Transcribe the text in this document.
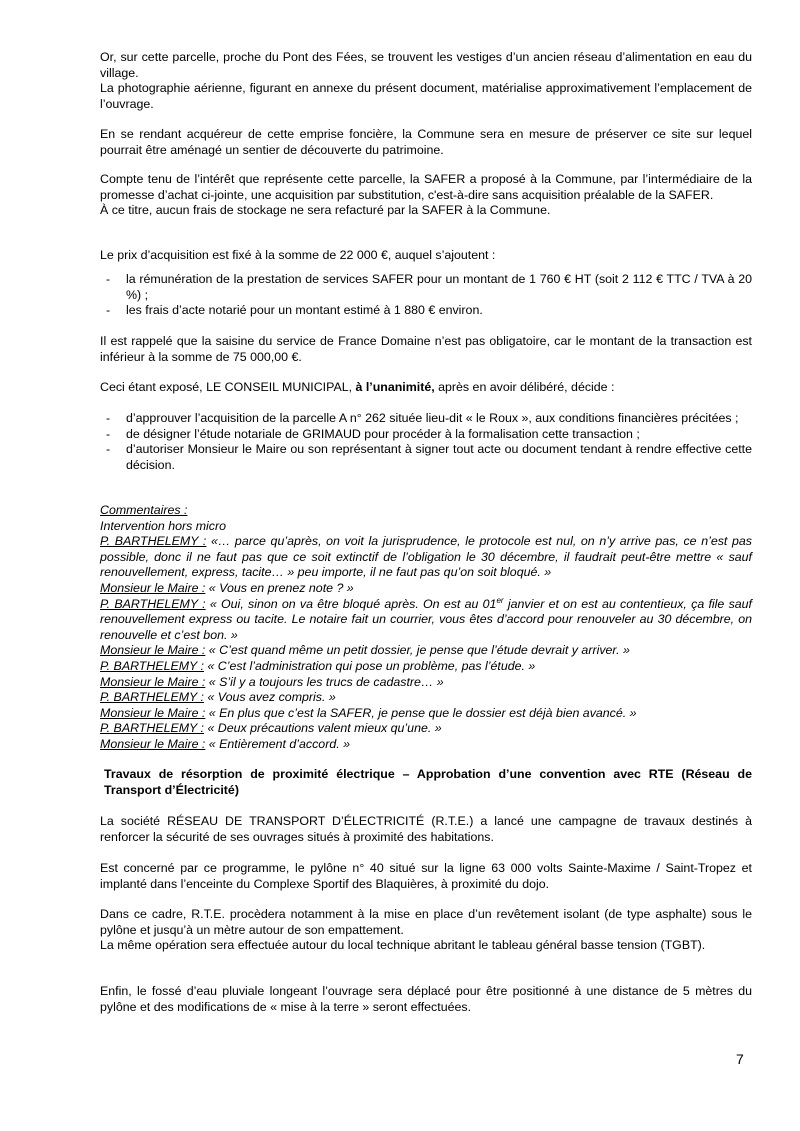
Or, sur cette parcelle, proche du Pont des Fées, se trouvent les vestiges d’un ancien réseau d’alimentation en eau du village.

La photographie aérienne, figurant en annexe du présent document, matérialise approximativement l’emplacement de l’ouvrage.

En se rendant acquéreur de cette emprise foncière, la Commune sera en mesure de préserver ce site sur lequel pourrait être aménagé un sentier de découverte du patrimoine.

Compte tenu de l’intérêt que représente cette parcelle, la SAFER a proposé à la Commune, par l’intermédiaire de la promesse d’achat ci-jointe, une acquisition par substitution, c'est-à-dire sans acquisition préalable de la SAFER.

À ce titre, aucun frais de stockage ne sera refacturé par la SAFER à la Commune.

Le prix d’acquisition est fixé à la somme de 22 000 €, auquel s’ajoutent :

- la rémunération de la prestation de services SAFER pour un montant de 1 760 € HT (soit 2 112 € TTC / TVA à 20 %) ;
- les frais d’acte notarié pour un montant estimé à 1 880 € environ.

Il est rappelé que la saisine du service de France Domaine n’est pas obligatoire, car le montant de la transaction est inférieur à la somme de 75 000,00 €.

Ceci étant exposé, LE CONSEIL MUNICIPAL, à l’unanimité, après en avoir délibéré, décide :

- d’approuver l’acquisition de la parcelle A n° 262 située lieu-dit « le Roux », aux conditions financières précitées ;
- de désigner l’étude notariale de GRIMAUD pour procéder à la formalisation cette transaction ;
- d’autoriser Monsieur le Maire ou son représentant à signer tout acte ou document tendant à rendre effective cette décision.

Commentaires :

Intervention hors micro

P. BARTHELEMY : «… parce qu’après, on voit la jurisprudence, le protocole est nul, on n’y arrive pas, ce n’est pas possible, donc il ne faut pas que ce soit extinctif de l’obligation le 30 décembre, il faudrait peut-être mettre « sauf renouvellement, express, tacite… » peu importe, il ne faut pas qu’on soit bloqué. »

Monsieur le Maire : « Vous en prenez note ? »

P. BARTHELEMY : « Oui, sinon on va être bloqué après. On est au 01er janvier et on est au contentieux, ça file sauf renouvellement express ou tacite. Le notaire fait un courrier, vous êtes d’accord pour renouveler au 30 décembre, on renouvelle et c’est bon. »

Monsieur le Maire : « C’est quand même un petit dossier, je pense que l’étude devrait y arriver. »

P. BARTHELEMY : « C’est l’administration qui pose un problème, pas l’étude. »

Monsieur le Maire : « S’il y a toujours les trucs de cadastre… »

P. BARTHELEMY : « Vous avez compris. »

Monsieur le Maire : « En plus que c’est la SAFER, je pense que le dossier est déjà bien avancé. »

P. BARTHELEMY : « Deux précautions valent mieux qu’une. »

Monsieur le Maire : « Entièrement d’accord. »

Travaux de résorption de proximité électrique – Approbation d’une convention avec RTE (Réseau de Transport d’Électricité)

La société RÉSEAU DE TRANSPORT D’ÉLECTRICITÉ (R.T.E.) a lancé une campagne de travaux destinés à renforcer la sécurité de ses ouvrages situés à proximité des habitations.

Est concerné par ce programme, le pylône n° 40 situé sur la ligne 63 000 volts Sainte-Maxime / Saint-Tropez et implanté dans l’enceinte du Complexe Sportif des Blaquières, à proximité du dojo.

Dans ce cadre, R.T.E. procèdera notamment à la mise en place d’un revêtement isolant (de type asphalte) sous le pylône et jusqu’à un mètre autour de son empattement.

La même opération sera effectuée autour du local technique abritant le tableau général basse tension (TGBT).

Enfin, le fossé d’eau pluviale longeant l’ouvrage sera déplacé pour être positionné à une distance de 5 mètres du pylône et des modifications de « mise à la terre » seront effectuées.

7
